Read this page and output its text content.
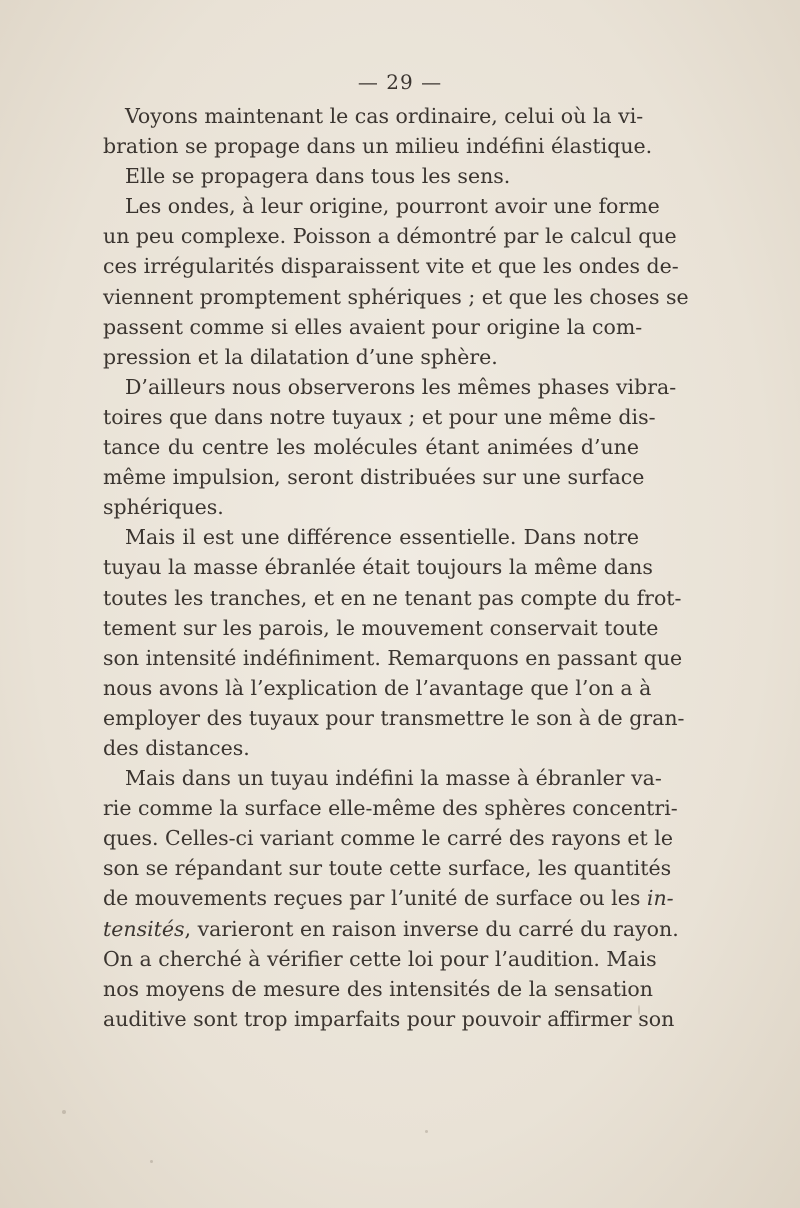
— 29 —
Voyons maintenant le cas ordinaire, celui où la vi-
bration se propage dans un milieu indéfini élastique.
Elle se propagera dans tous les sens.
Les ondes, à leur origine, pourront avoir une forme
un peu complexe. Poisson a démontré par le calcul que
ces irrégularités disparaissent vite et que les ondes de-
viennent promptement sphériques ; et que les choses se
passent comme si elles avaient pour origine la com-
pression et la dilatation d’une sphère.
D’ailleurs nous observerons les mêmes phases vibra-
toires que dans notre tuyaux ; et pour une même dis-
tance du centre les molécules étant animées d’une
même impulsion, seront distribuées sur une surface
sphériques.
Mais il est une différence essentielle. Dans notre
tuyau la masse ébranlée était toujours la même dans
toutes les tranches, et en ne tenant pas compte du frot-
tement sur les parois, le mouvement conservait toute
son intensité indéfiniment. Remarquons en passant que
nous avons là l’explication de l’avantage que l’on a à
employer des tuyaux pour transmettre le son à de gran-
des distances.
Mais dans un tuyau indéfini la masse à ébranler va-
rie comme la surface elle-même des sphères concentri-
ques. Celles-ci variant comme le carré des rayons et le
son se répandant sur toute cette surface, les quantités
de mouvements reçues par l’unité de surface ou les in-
tensités, varieront en raison inverse du carré du rayon.
On a cherché à vérifier cette loi pour l’audition. Mais
nos moyens de mesure des intensités de la sensation
auditive sont trop imparfaits pour pouvoir affirmer son
